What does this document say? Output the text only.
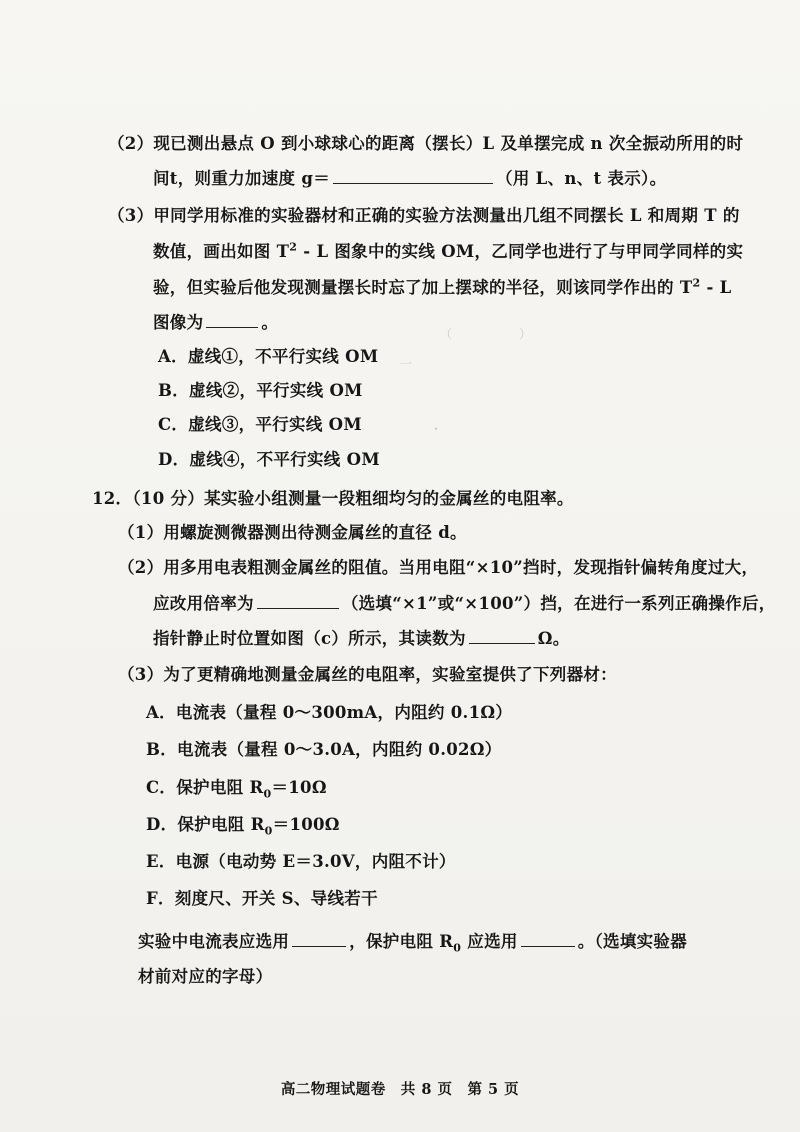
（ 　 　 　 　 ）
一 　 　 　 　 　
・ 　 　 　 　 　
（2）现已测出悬点 O 到小球球心的距离（摆长）L 及单摆完成 n 次全振动所用的时
间t，则重力加速度 g＝	（用 L、n、t 表示）。
（3）甲同学用标准的实验器材和正确的实验方法测量出几组不同摆长 L 和周期 T 的
数值，画出如图 $T^2$ - L 图象中的实线 OM，乙同学也进行了与甲同学同样的实
验，但实验后他发现测量摆长时忘了加上摆球的半径，则该同学作出的 $T^2$ - L
图像为	。
A．虚线①，不平行实线 OM
B．虚线②，平行实线 OM
C．虚线③，平行实线 OM
D．虚线④，不平行实线 OM
12．（10 分）某实验小组测量一段粗细均匀的金属丝的电阻率。
（1）用螺旋测微器测出待测金属丝的直径 d。
（2）用多用电表粗测金属丝的阻值。当用电阻“×10”挡时，发现指针偏转角度过大，
应改用倍率为	（选填“×1”或“×100”）挡，在进行一系列正确操作后，
指针静止时位置如图（c）所示，其读数为	Ω。
（3）为了更精确地测量金属丝的电阻率，实验室提供了下列器材：
A．电流表（量程 0～300mA，内阻约 0.1Ω）
B．电流表（量程 0～3.0A，内阻约 0.02Ω）
C．保护电阻 $R_0=10\Omega$
D．保护电阻 $R_0=100\Omega$
E．电源（电动势 E＝3.0V，内阻不计）
F．刻度尺、开关 S、导线若干
实验中电流表应选用	，保护电阻 $R_0$ 应选用	。（选填实验器
材前对应的字母）
高二物理试题卷　共 8 页　第 5 页
